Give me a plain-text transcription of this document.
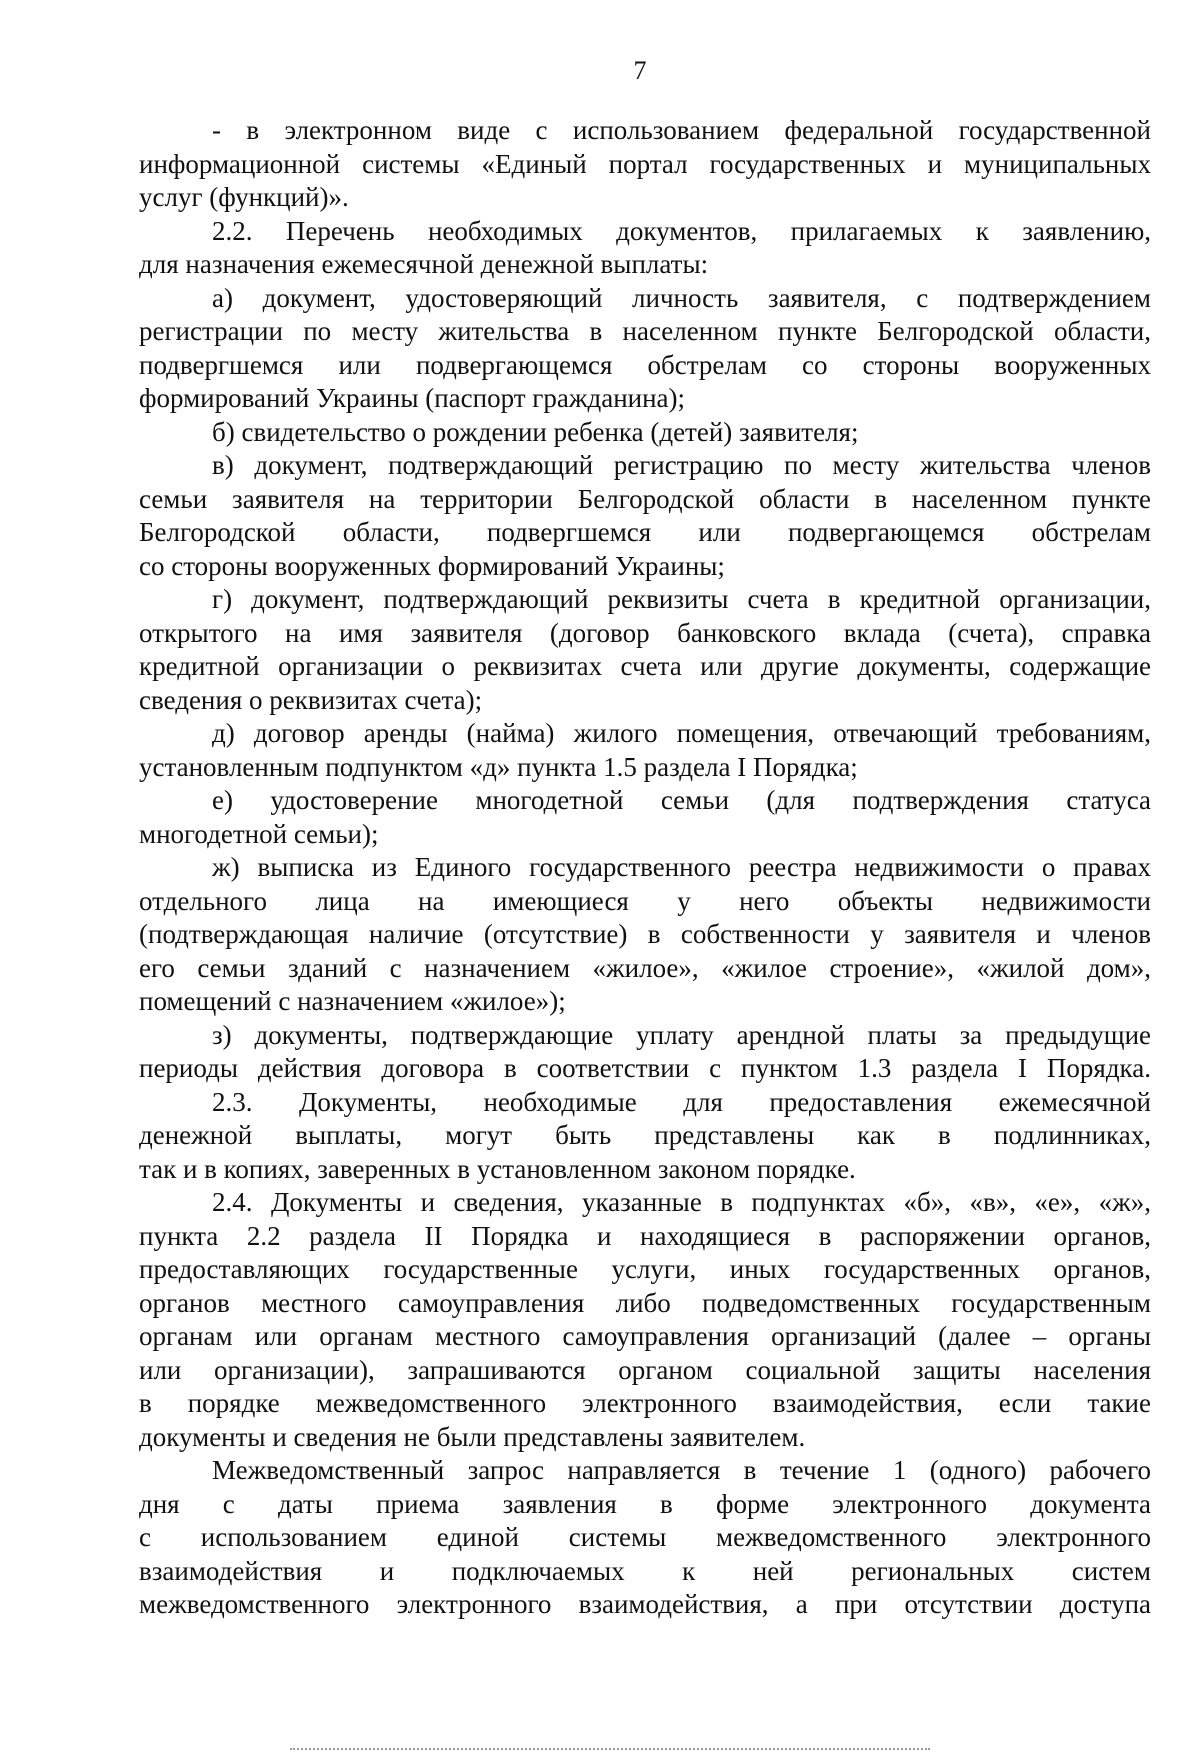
7
- в электронном виде с использованием федеральной государственной
информационной системы «Единый портал государственных и муниципальных
услуг (функций)».
2.2. Перечень необходимых документов, прилагаемых к заявлению,
для назначения ежемесячной денежной выплаты:
а) документ, удостоверяющий личность заявителя, с подтверждением
регистрации по месту жительства в населенном пункте Белгородской области,
подвергшемся или подвергающемся обстрелам со стороны вооруженных
формирований Украины (паспорт гражданина);
б) свидетельство о рождении ребенка (детей) заявителя;
в) документ, подтверждающий регистрацию по месту жительства членов
семьи заявителя на территории Белгородской области в населенном пункте
Белгородской области, подвергшемся или подвергающемся обстрелам
со стороны вооруженных формирований Украины;
г) документ, подтверждающий реквизиты счета в кредитной организации,
открытого на имя заявителя (договор банковского вклада (счета), справка
кредитной организации о реквизитах счета или другие документы, содержащие
сведения о реквизитах счета);
д) договор аренды (найма) жилого помещения, отвечающий требованиям,
установленным подпунктом «д» пункта 1.5 раздела I Порядка;
е) удостоверение многодетной семьи (для подтверждения статуса
многодетной семьи);
ж) выписка из Единого государственного реестра недвижимости о правах
отдельного лица на имеющиеся у него объекты недвижимости
(подтверждающая наличие (отсутствие) в собственности у заявителя и членов
его семьи зданий с назначением «жилое», «жилое строение», «жилой дом»,
помещений с назначением «жилое»);
з) документы, подтверждающие уплату арендной платы за предыдущие
периоды действия договора в соответствии с пунктом 1.3 раздела I Порядка.
2.3. Документы, необходимые для предоставления ежемесячной
денежной выплаты, могут быть представлены как в подлинниках,
так и в копиях, заверенных в установленном законом порядке.
2.4. Документы и сведения, указанные в подпунктах «б», «в», «е», «ж»,
пункта 2.2 раздела II Порядка и находящиеся в распоряжении органов,
предоставляющих государственные услуги, иных государственных органов,
органов местного самоуправления либо подведомственных государственным
органам или органам местного самоуправления организаций (далее – органы
или организации), запрашиваются органом социальной защиты населения
в порядке межведомственного электронного взаимодействия, если такие
документы и сведения не были представлены заявителем.
Межведомственный запрос направляется в течение 1 (одного) рабочего
дня с даты приема заявления в форме электронного документа
с использованием единой системы межведомственного электронного
взаимодействия и подключаемых к ней региональных систем
межведомственного электронного взаимодействия, а при отсутствии доступа
